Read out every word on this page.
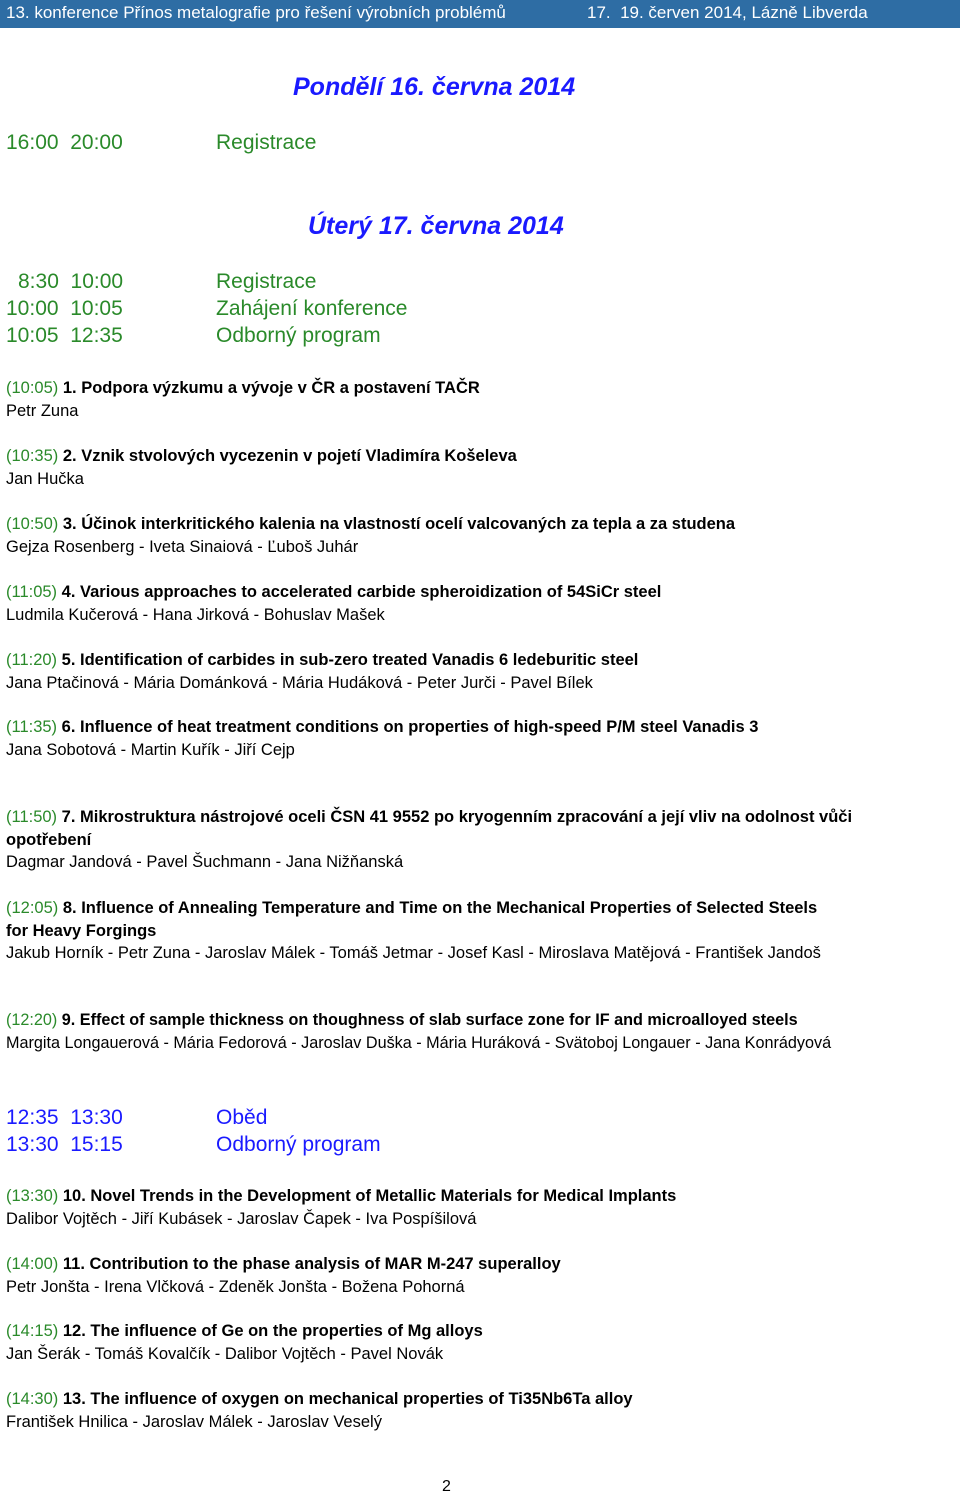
13. konference Přínos metalografie pro řešení výrobních problémů	17.  19. červen 2014, Lázně Libverda
Pondělí 16. června 2014
16:00  20:00	Registrace
Úterý 17. června 2014
8:30  10:00	Registrace
10:00  10:05	Zahájení konference
10:05  12:35	Odborný program
(10:05) 1. Podpora výzkumu a vývoje v ČR a postavení TAČR
Petr Zuna
(10:35) 2. Vznik stvolových vycezenin v pojetí Vladimíra Košeleva
Jan Hučka
(10:50) 3. Účinok interkritického kalenia na vlastností ocelí valcovaných za tepla a za studena
Gejza Rosenberg - Iveta Sinaiová - Ľuboš Juhár
(11:05) 4. Various approaches to accelerated carbide spheroidization of 54SiCr steel
Ludmila Kučerová - Hana Jirková - Bohuslav Mašek
(11:20) 5. Identification of carbides in sub-zero treated Vanadis 6 ledeburitic steel
Jana Ptačinová - Mária Dománková - Mária Hudáková - Peter Jurči - Pavel Bílek
(11:35) 6. Influence of heat treatment conditions on properties of high-speed P/M steel Vanadis 3
Jana Sobotová - Martin Kuřík - Jiří Cejp
(11:50) 7. Mikrostruktura nástrojové oceli ČSN 41 9552 po kryogenním zpracování a její vliv na odolnost vůči opotřebení
Dagmar Jandová - Pavel Šuchmann - Jana Nižňanská
(12:05) 8. Influence of Annealing Temperature and Time on the Mechanical Properties of Selected Steels for Heavy Forgings
Jakub Horník - Petr Zuna - Jaroslav Málek - Tomáš Jetmar - Josef Kasl - Miroslava Matějová - František Jandoš
(12:20) 9. Effect of sample thickness on thoughness of slab surface zone for IF and microalloyed steels
Margita Longauerová - Mária Fedorová - Jaroslav Duška - Mária Huráková - Svätoboj Longauer - Jana Konrádyová
12:35  13:30	Oběd
13:30  15:15	Odborný program
(13:30) 10. Novel Trends in the Development of Metallic Materials for Medical Implants
Dalibor Vojtěch - Jiří Kubásek - Jaroslav Čapek - Iva Pospíšilová
(14:00) 11. Contribution to the phase analysis of MAR M-247 superalloy
Petr Jonšta - Irena Vlčková - Zdeněk Jonšta - Božena Pohorná
(14:15) 12. The influence of Ge on the properties of Mg alloys
Jan Šerák - Tomáš Kovalčík - Dalibor Vojtěch - Pavel Novák
(14:30) 13. The influence of oxygen on mechanical properties of Ti35Nb6Ta alloy
František Hnilica - Jaroslav Málek - Jaroslav Veselý
2
